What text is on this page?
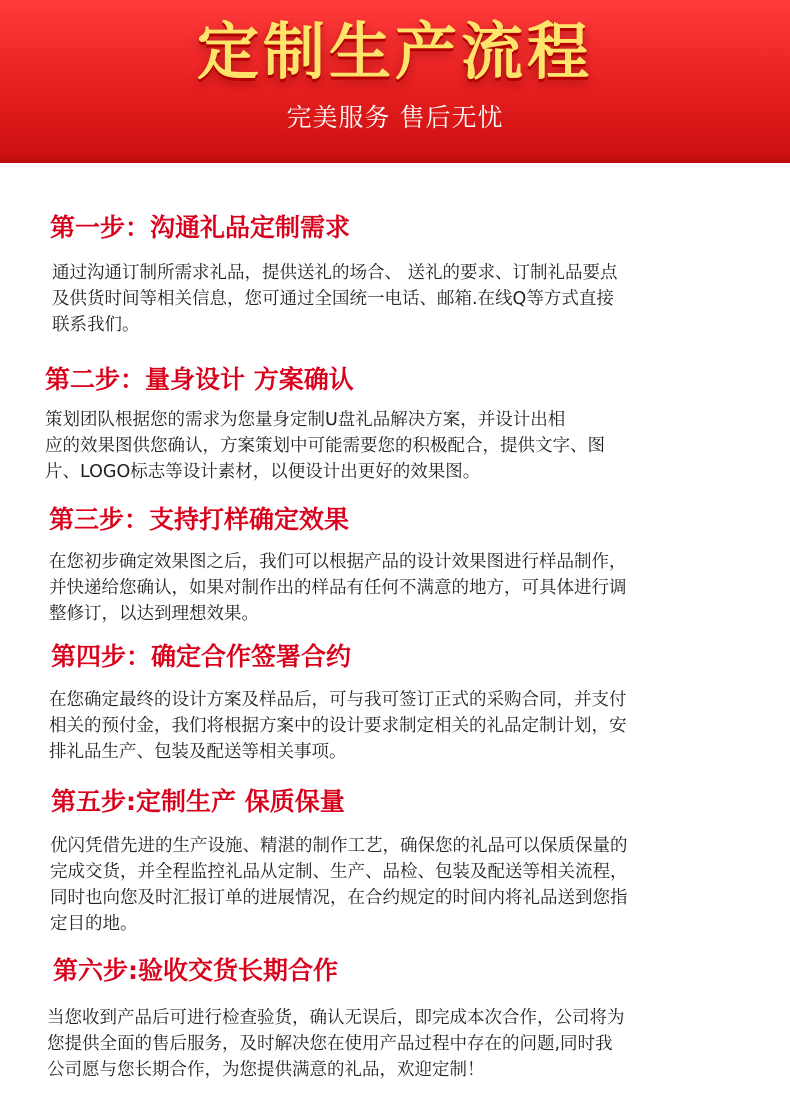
定制生产流程
完美服务 售后无忧
第一步：沟通礼品定制需求
通过沟通订制所需求礼品，提供送礼的场合、 送礼的要求、订制礼品要点
及供货时间等相关信息，您可通过全国统一电话、邮箱.在线Q等方式直接
联系我们。
第二步：量身设计 方案确认
策划团队根据您的需求为您量身定制U盘礼品解决方案，并设计出相
应的效果图供您确认，方案策划中可能需要您的积极配合，提供文字、图
片、LOGO标志等设计素材，以便设计出更好的效果图。
第三步：支持打样确定效果
在您初步确定效果图之后，我们可以根据产品的设计效果图进行样品制作，
并快递给您确认，如果对制作出的样品有任何不满意的地方，可具体进行调
整修订，以达到理想效果。
第四步：确定合作签署合约
在您确定最终的设计方案及样品后，可与我可签订正式的采购合同，并支付
相关的预付金，我们将根据方案中的设计要求制定相关的礼品定制计划，安
排礼品生产、包装及配送等相关事项。
第五步:定制生产 保质保量
优闪凭借先进的生产设施、精湛的制作工艺，确保您的礼品可以保质保量的
完成交货，并全程监控礼品从定制、生产、品检、包装及配送等相关流程，
同时也向您及时汇报订单的进展情况，在合约规定的时间内将礼品送到您指
定目的地。
第六步:验收交货长期合作
当您收到产品后可进行检查验货，确认无误后，即完成本次合作，公司将为
您提供全面的售后服务，及时解决您在使用产品过程中存在的问题,同时我
公司愿与您长期合作，为您提供满意的礼品，欢迎定制！
